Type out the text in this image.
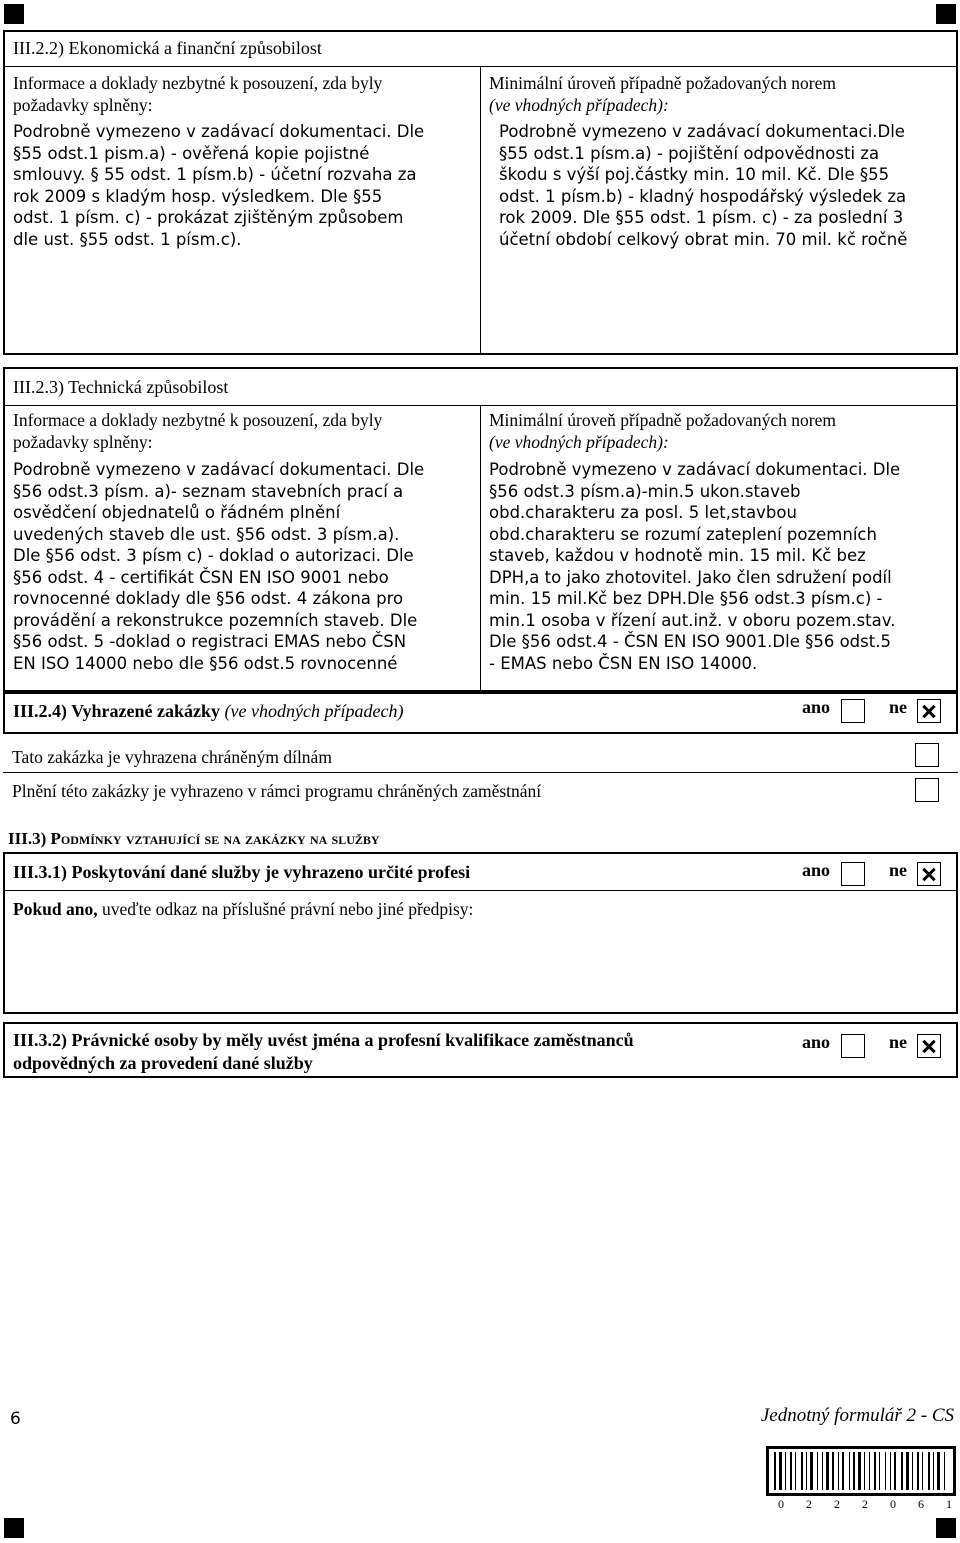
III.2.2) Ekonomická a finanční způsobilost
Informace a doklady nezbytné k posouzení, zda byly
požadavky splněny:
Podrobně vymezeno v zadávací dokumentaci. Dle
§55 odst.1 pism.a) - ověřená kopie pojistné
smlouvy. § 55 odst. 1 písm.b) - účetní rozvaha za
rok 2009 s kladým hosp. výsledkem. Dle §55
odst. 1 písm. c) - prokázat zjištěným způsobem
dle ust. §55 odst. 1 písm.c).
Minimální úroveň případně požadovaných norem
(ve vhodných případech):
Podrobně vymezeno v zadávací dokumentaci.Dle
§55 odst.1 písm.a) - pojištění odpovědnosti za
škodu s výší poj.částky min. 10 mil. Kč. Dle §55
odst. 1 písm.b) - kladný hospodářský výsledek za
rok 2009. Dle §55 odst. 1 písm. c) - za poslední 3
účetní období celkový obrat min. 70 mil. kč ročně
III.2.3) Technická způsobilost
Informace a doklady nezbytné k posouzení, zda byly
požadavky splněny:
Podrobně vymezeno v zadávací dokumentaci. Dle
§56 odst.3 písm. a)- seznam stavebních prací a
osvědčení objednatelů o řádném plnění
uvedených staveb dle ust. §56 odst. 3 písm.a).
Dle §56 odst. 3 písm c) - doklad o autorizaci. Dle
§56 odst. 4 - certifikát ČSN EN ISO 9001 nebo
rovnocenné doklady dle §56 odst. 4 zákona pro
provádění a rekonstrukce pozemních staveb. Dle
§56 odst. 5 -doklad o registraci EMAS nebo ČSN
EN ISO 14000 nebo dle §56 odst.5 rovnocenné
Minimální úroveň případně požadovaných norem
(ve vhodných případech):
Podrobně vymezeno v zadávací dokumentaci. Dle
§56 odst.3 písm.a)-min.5 ukon.staveb
obd.charakteru za posl. 5 let,stavbou
obd.charakteru se rozumí zateplení pozemních
staveb, každou v hodnotě min. 15 mil. Kč bez
DPH,a to jako zhotovitel. Jako člen sdružení podíl
min. 15 mil.Kč bez DPH.Dle §56 odst.3 písm.c) -
min.1 osoba v řízení aut.inž. v oboru pozem.stav.
Dle §56 odst.4 - ČSN EN ISO 9001.Dle §56 odst.5
- EMAS nebo ČSN EN ISO 14000.
III.2.4) Vyhrazené zakázky (ve vhodných případech)	ano	ne
Tato zakázka je vyhrazena chráněným dílnám
Plnění této zakázky je vyhrazeno v rámci programu chráněných zaměstnání
III.3) Podmínky vztahující se na zakázky na služby
III.3.1) Poskytování dané služby je vyhrazeno určité profesi	ano	ne
Pokud ano, uveďte odkaz na příslušné právní nebo jiné předpisy:
III.3.2) Právnické osoby by měly uvést jména a profesní kvalifikace zaměstnanců
odpovědných za provedení dané služby
ano	ne
6	Jednotný formulář 2 - CS
0 2 2 2 0 6 1
